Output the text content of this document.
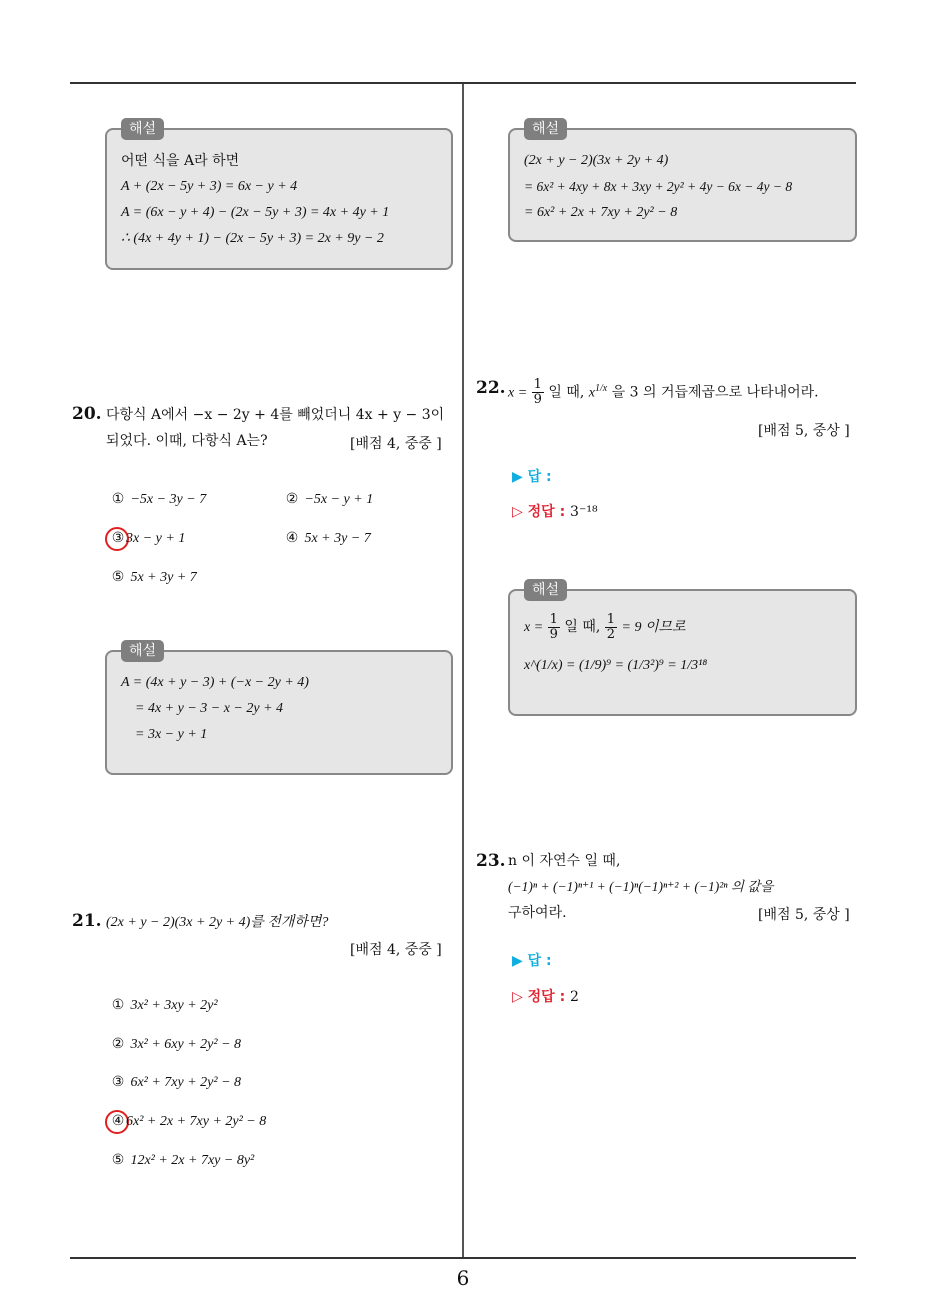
해설
어떤 식을 A라 하면
A + (2x − 5y + 3) = 6x − y + 4
A = (6x − y + 4) − (2x − 5y + 3) = 4x + 4y + 1
∴ (4x + 4y + 1) − (2x − 5y + 3) = 2x + 9y − 2
20. 다항식 A에서 −x − 2y + 4를 빼었더니 4x + y − 3이
되었다. 이때, 다항식 A는?	[배점 4, 중중 ]
① −5x − 3y − 7	② −5x − y + 1
③ 3x − y + 1	④ 5x + 3y − 7
⑤ 5x + 3y + 7
해설
A = (4x + y − 3) + (−x − 2y + 4)
= 4x + y − 3 − x − 2y + 4
= 3x − y + 1
21. (2x + y − 2)(3x + 2y + 4)를 전개하면?
[배점 4, 중중 ]
① 3x² + 3xy + 2y²
② 3x² + 6xy + 2y² − 8
③ 6x² + 7xy + 2y² − 8
④ 6x² + 2x + 7xy + 2y² − 8
⑤ 12x² + 2x + 7xy − 8y²
해설
(2x + y − 2)(3x + 2y + 4)
= 6x² + 4xy + 8x + 3xy + 2y² + 4y − 6x − 4y − 8
= 6x² + 2x + 7xy + 2y² − 8
22. $x = \frac{1}{9}$ 일 때, $x^{1/x}$ 을 3 의 거듭제곱으로 나타내어라.
[배점 5, 중상 ]
▶ 답 :
▷ 정답 : 3⁻¹⁸
해설
$x = \frac{1}{9}$ 일 때, $\frac{1}{2} = 9$ 이므로
x^(1/x) = (1/9)⁹ = (1/3²)⁹ = 1/3¹⁸
23. n 이 자연수 일 때,
(−1)ⁿ + (−1)ⁿ⁺¹ + (−1)ⁿ(−1)ⁿ⁺² + (−1)²ⁿ 의 값을
구하여라.	[배점 5, 중상 ]
▶ 답 :
▷ 정답 : 2
6
